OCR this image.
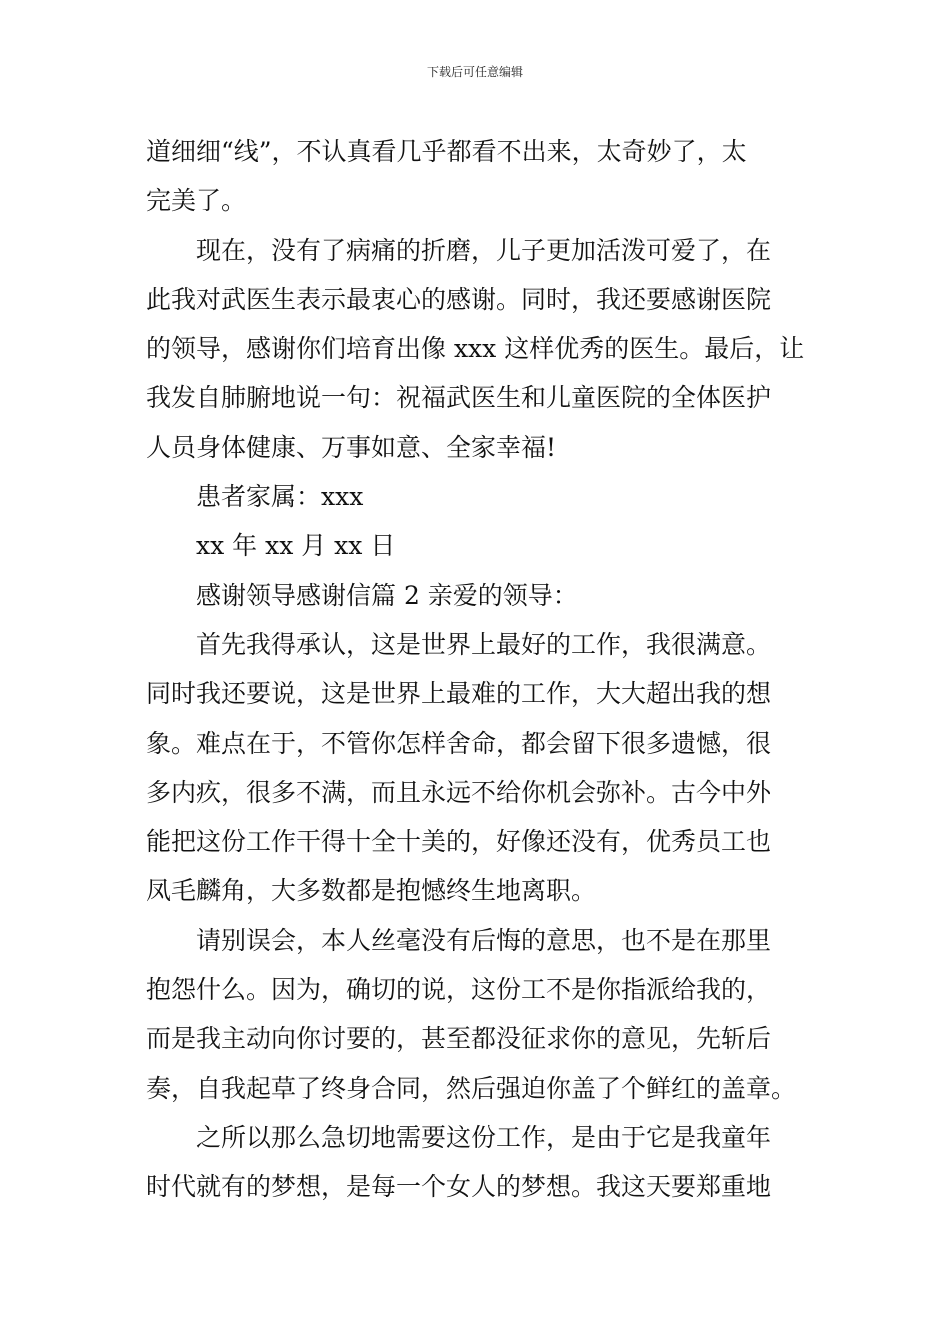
下载后可任意编辑
道细细“线”，不认真看几乎都看不出来，太奇妙了，太
完美了。
现在，没有了病痛的折磨，儿子更加活泼可爱了，在
此我对武医生表示最衷心的感谢。同时，我还要感谢医院
的领导，感谢你们培育出像 xxx 这样优秀的医生。最后，让
我发自肺腑地说一句：祝福武医生和儿童医院的全体医护
人员身体健康、万事如意、全家幸福!
患者家属：xxx
xx 年 xx 月 xx 日
感谢领导感谢信篇 2 亲爱的领导：
首先我得承认，这是世界上最好的工作，我很满意。
同时我还要说，这是世界上最难的工作，大大超出我的想
象。难点在于，不管你怎样舍命，都会留下很多遗憾，很
多内疚，很多不满，而且永远不给你机会弥补。古今中外
能把这份工作干得十全十美的，好像还没有，优秀员工也
凤毛麟角，大多数都是抱憾终生地离职。
请别误会，本人丝毫没有后悔的意思，也不是在那里
抱怨什么。因为，确切的说，这份工不是你指派给我的，
而是我主动向你讨要的，甚至都没征求你的意见，先斩后
奏，自我起草了终身合同，然后强迫你盖了个鲜红的盖章。
之所以那么急切地需要这份工作，是由于它是我童年
时代就有的梦想，是每一个女人的梦想。我这天要郑重地
